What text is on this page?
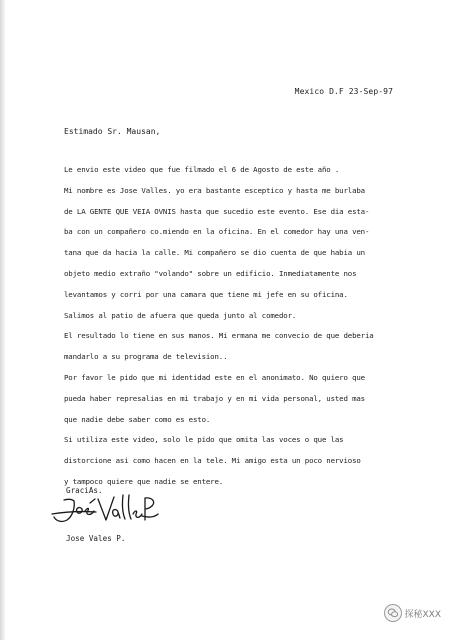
Mexico D.F 23-Sep-97
Estimado Sr. Mausan,
Le envio este video que fue filmado el 6 de Agosto de este año .
Mi nombre es Jose Valles. yo era bastante esceptico y hasta me burlaba
de LA GENTE QUE VEIA OVNIS hasta que sucedio este evento. Ese dia esta-
ba con un compañero co.miendo en la oficina. En el comedor hay una ven-
tana que da hacia la calle. Mi compañero se dio cuenta de que habia un
objeto medio extraño "volando" sobre un edificio. Inmediatamente nos
levantamos y corri por una camara que tiene mi jefe en su oficina.
Salimos al patio de afuera que queda junto al comedor.
El resultado lo tiene en sus manos. Mi ermana me convecio de que deberia
mandarlo a su programa de television..
Por favor le pido que mi identidad este en el anonimato. No quiero que
pueda haber represalias en mi trabajo y en mi vida personal, usted mas
que nadie debe saber como es esto.
Si utiliza este video, solo le pido que omita las voces o que las
distorcione asi como hacen en la tele. Mi amigo esta un poco nervioso
y tampoco quiere que nadie se entere.
GraciAs.
Jose Vales P.
探秘XXX
